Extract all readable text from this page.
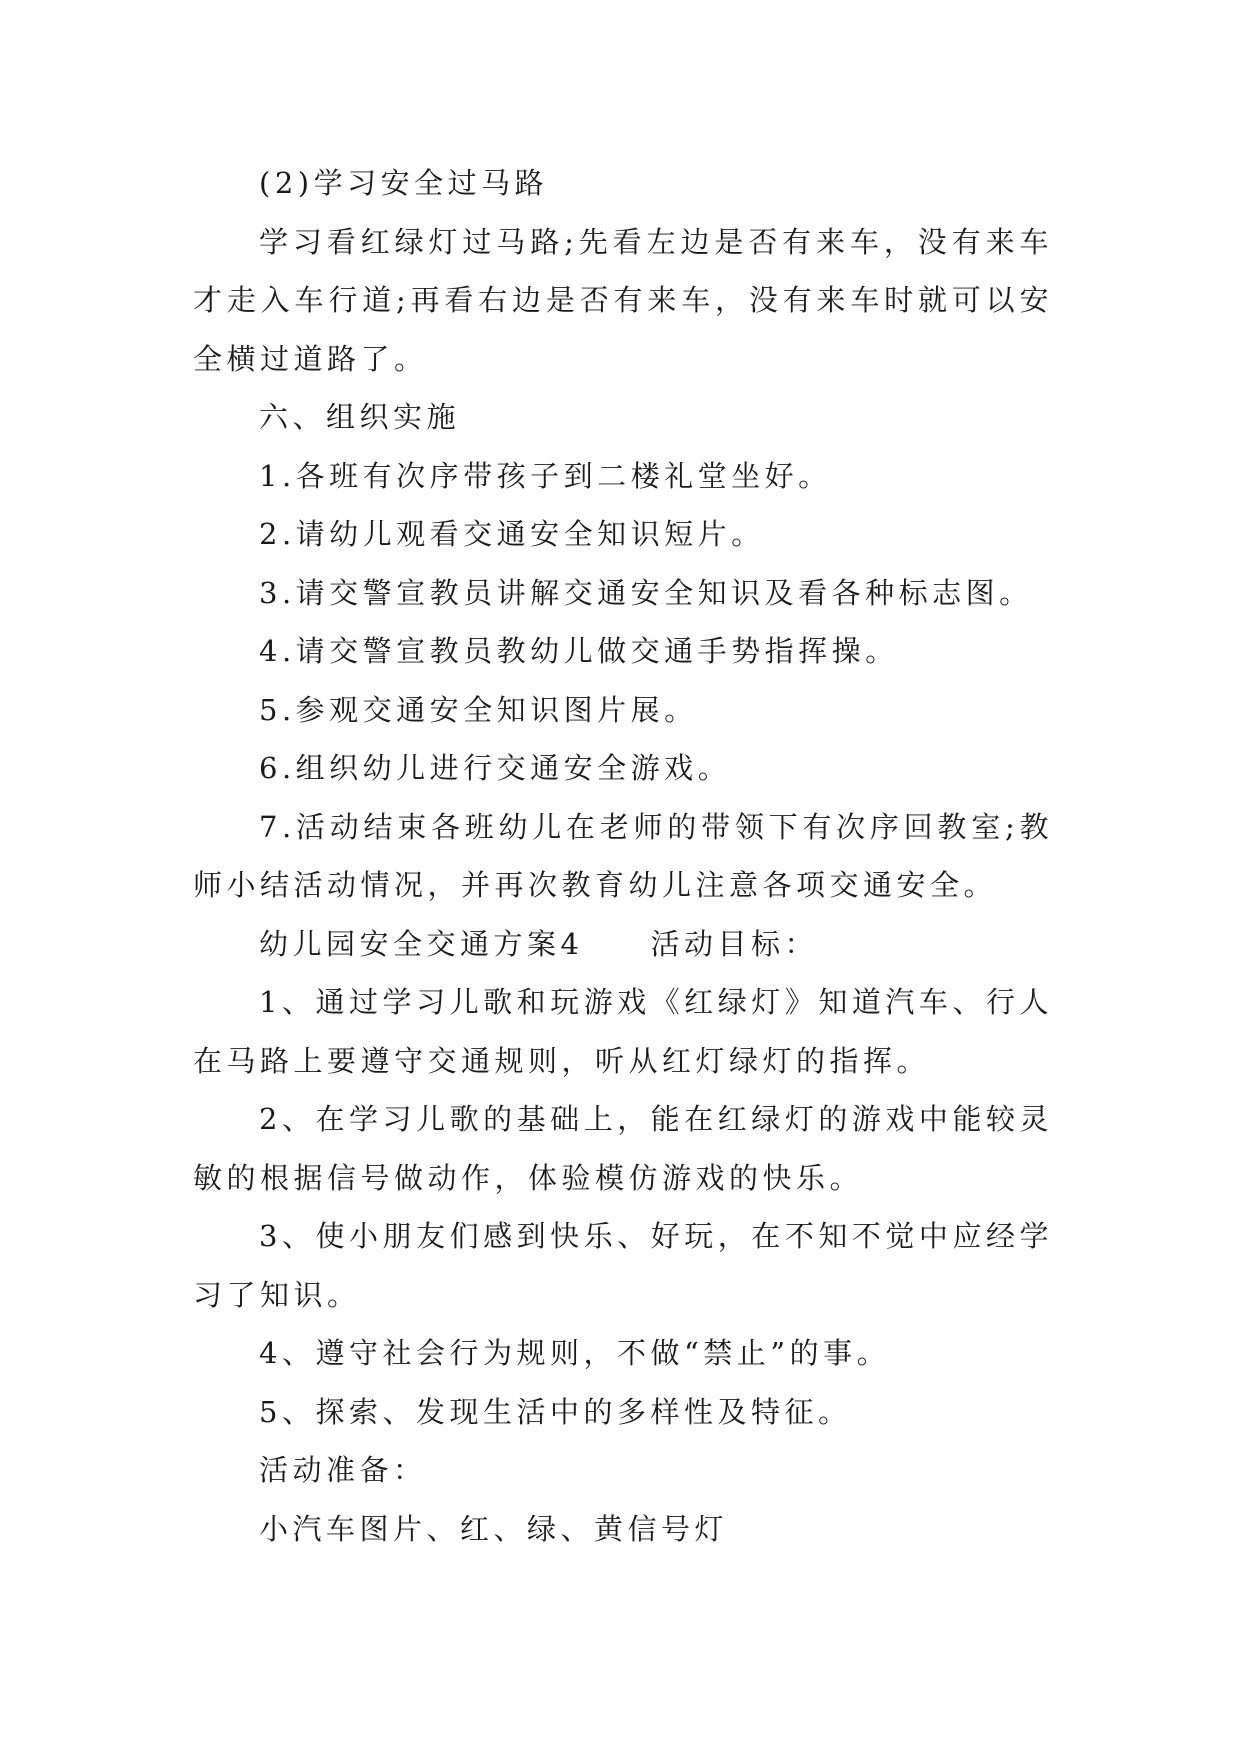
(2)学习安全过马路

学习看红绿灯过马路;先看左边是否有来车，没有来车才走入车行道;再看右边是否有来车，没有来车时就可以安全横过道路了。

六、组织实施

1.各班有次序带孩子到二楼礼堂坐好。

2.请幼儿观看交通安全知识短片。

3.请交警宣教员讲解交通安全知识及看各种标志图。

4.请交警宣教员教幼儿做交通手势指挥操。

5.参观交通安全知识图片展。

6.组织幼儿进行交通安全游戏。

7.活动结束各班幼儿在老师的带领下有次序回教室;教师小结活动情况，并再次教育幼儿注意各项交通安全。

幼儿园安全交通方案4　　活动目标：

1、通过学习儿歌和玩游戏《红绿灯》知道汽车、行人在马路上要遵守交通规则，听从红灯绿灯的指挥。

2、在学习儿歌的基础上，能在红绿灯的游戏中能较灵敏的根据信号做动作，体验模仿游戏的快乐。

3、使小朋友们感到快乐、好玩，在不知不觉中应经学习了知识。

4、遵守社会行为规则，不做“禁止”的事。

5、探索、发现生活中的多样性及特征。

活动准备：

小汽车图片、红、绿、黄信号灯
